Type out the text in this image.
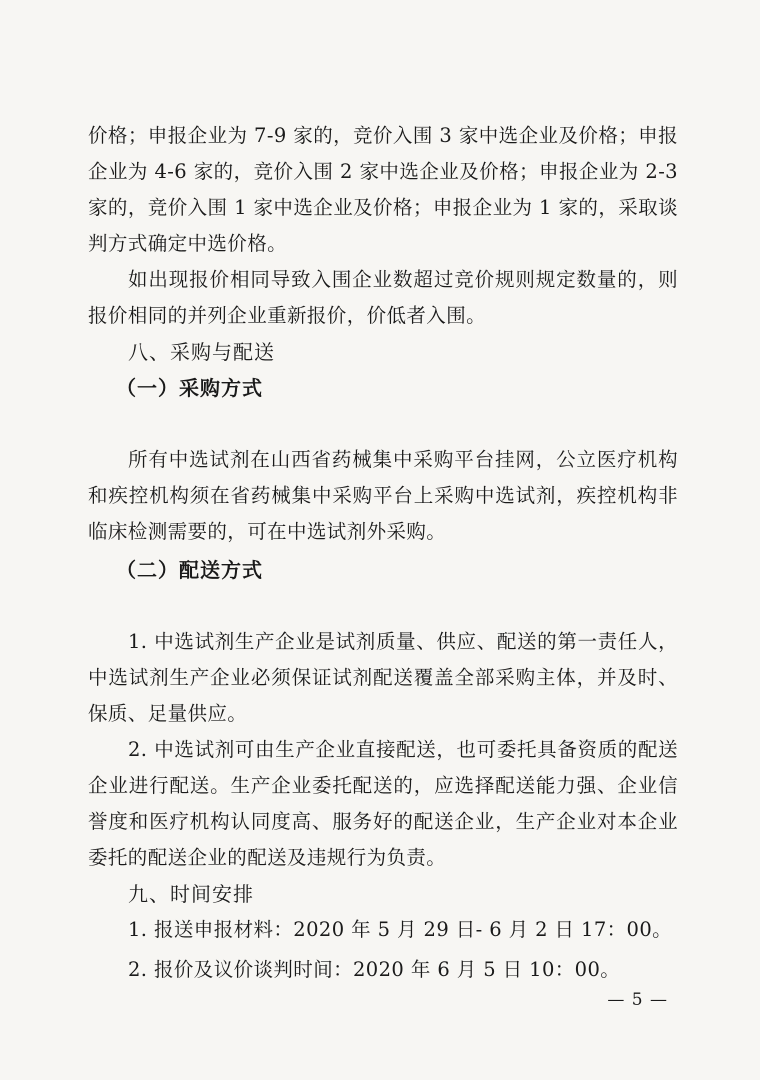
价格；申报企业为 7-9 家的，竞价入围 3 家中选企业及价格；申报企业为 4-6 家的，竞价入围 2 家中选企业及价格；申报企业为 2-3 家的，竞价入围 1 家中选企业及价格；申报企业为 1 家的，采取谈判方式确定中选价格。

如出现报价相同导致入围企业数超过竞价规则规定数量的，则报价相同的并列企业重新报价，价低者入围。

八、采购与配送
（一）采购方式

所有中选试剂在山西省药械集中采购平台挂网，公立医疗机构和疾控机构须在省药械集中采购平台上采购中选试剂，疾控机构非临床检测需要的，可在中选试剂外采购。

（二）配送方式

1. 中选试剂生产企业是试剂质量、供应、配送的第一责任人，中选试剂生产企业必须保证试剂配送覆盖全部采购主体，并及时、保质、足量供应。

2. 中选试剂可由生产企业直接配送，也可委托具备资质的配送企业进行配送。生产企业委托配送的，应选择配送能力强、企业信誉度和医疗机构认同度高、服务好的配送企业，生产企业对本企业委托的配送企业的配送及违规行为负责。

九、时间安排

1. 报送申报材料：2020 年 5 月 29 日- 6 月 2 日 17：00。

2. 报价及议价谈判时间：2020 年 6 月 5 日 10：00。

— 5 —
